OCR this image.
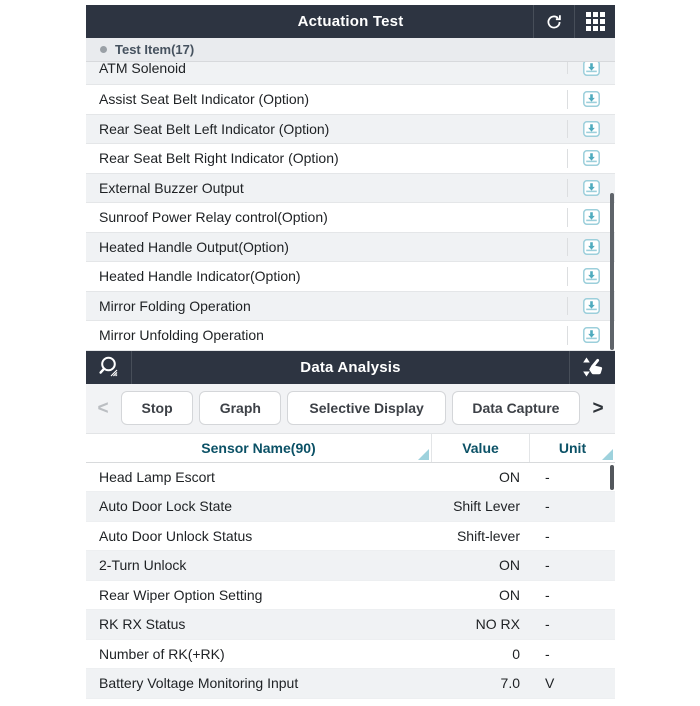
Actuation Test
Test Item(17)
ATM Solenoid
Assist Seat Belt Indicator (Option)
Rear Seat Belt Left Indicator (Option)
Rear Seat Belt Right Indicator (Option)
External Buzzer Output
Sunroof Power Relay control(Option)
Heated Handle Output(Option)
Heated Handle Indicator(Option)
Mirror Folding Operation
Mirror Unfolding Operation
Data Analysis
<	Stop	Graph	Selective Display	Data Capture	>
Sensor Name(90)	Value	Unit
Head Lamp Escort	ON	-
Auto Door Lock State	Shift Lever	-
Auto Door Unlock Status	Shift-lever	-
2-Turn Unlock	ON	-
Rear Wiper Option Setting	ON	-
RK RX Status	NO RX	-
Number of RK(+RK)	0	-
Battery Voltage Monitoring Input	7.0	V
